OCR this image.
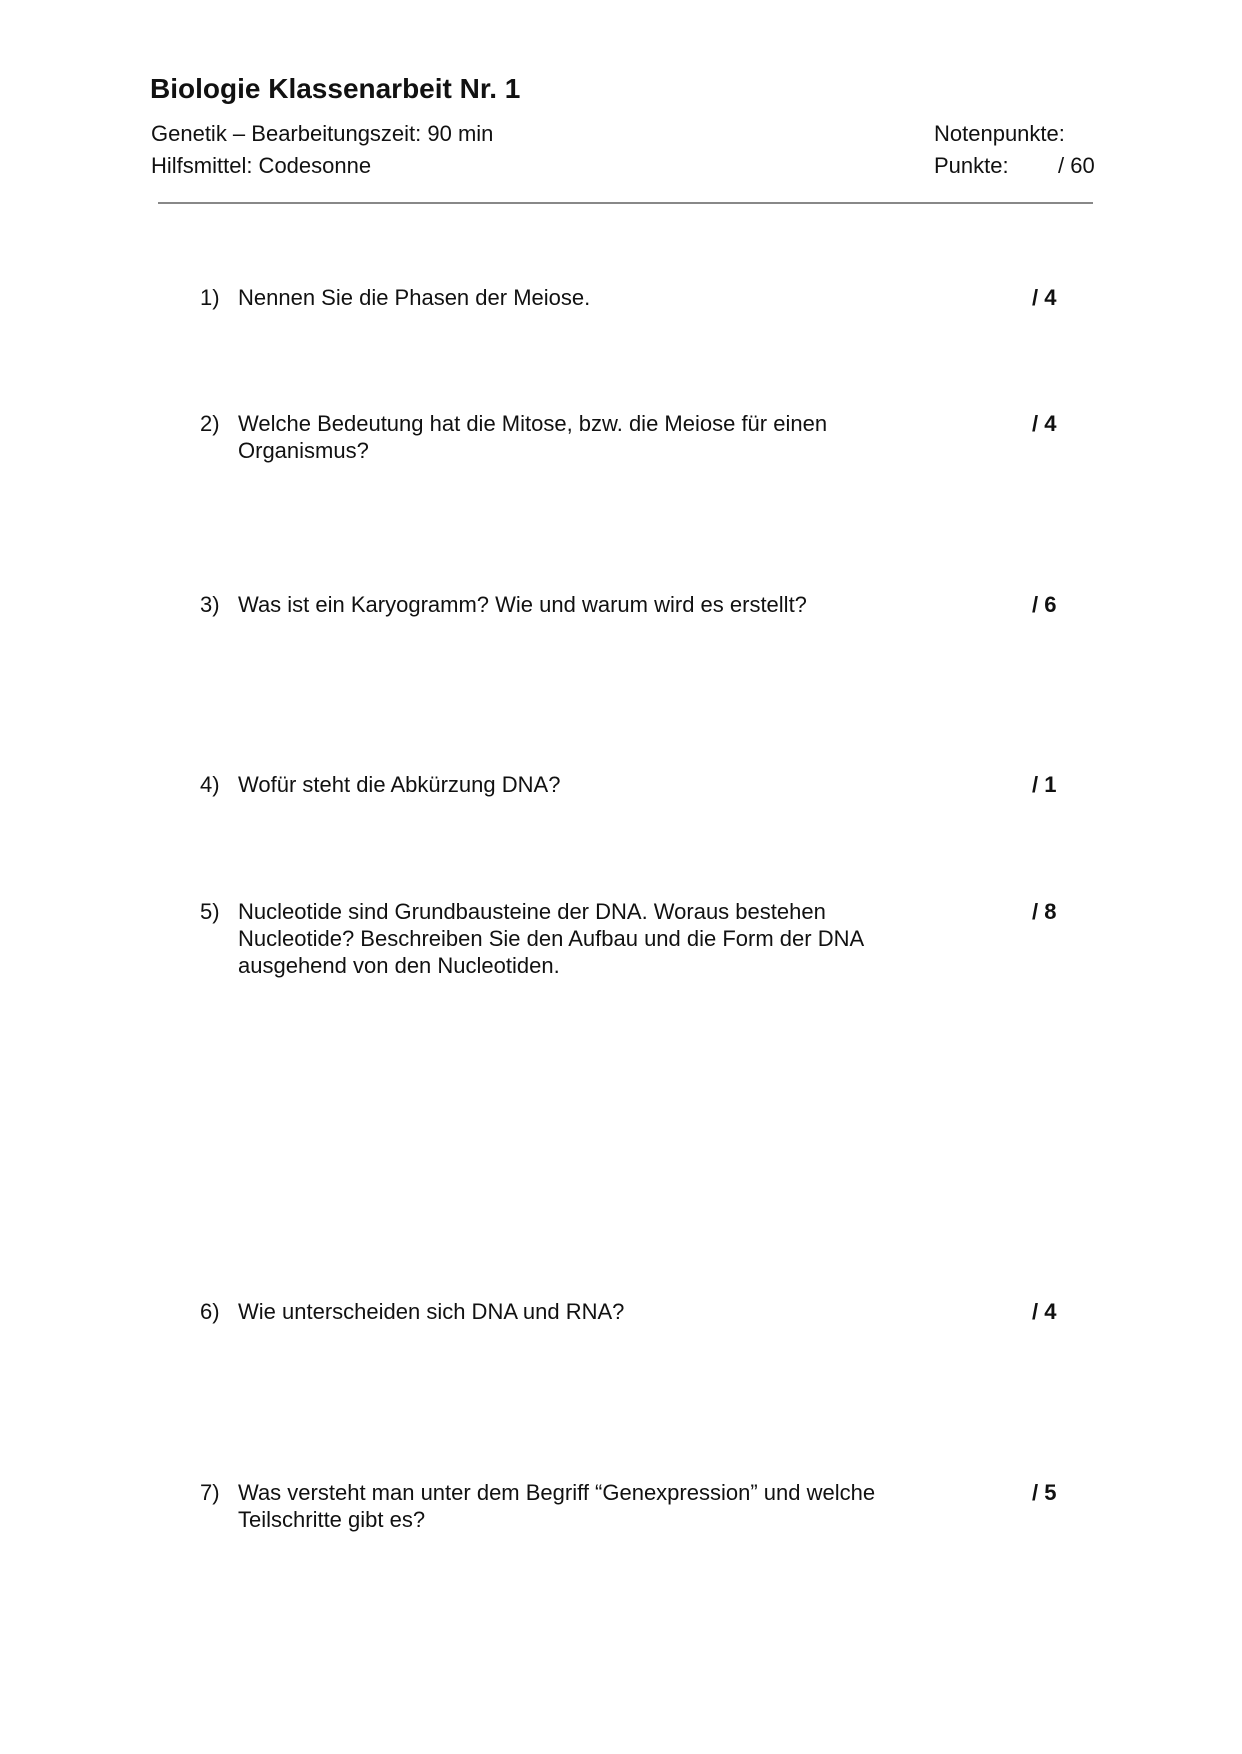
Biologie Klassenarbeit Nr. 1
Genetik – Bearbeitungszeit: 90 min
Hilfsmittel: Codesonne
Notenpunkte:
Punkte: / 60
1) Nennen Sie die Phasen der Meiose.	/ 4
2) Welche Bedeutung hat die Mitose, bzw. die Meiose für einen Organismus?
/ 4
3) Was ist ein Karyogramm? Wie und warum wird es erstellt?	/ 6
4) Wofür steht die Abkürzung DNA?	/ 1
5) Nucleotide sind Grundbausteine der DNA. Woraus bestehen Nucleotide? Beschreiben Sie den Aufbau und die Form der DNA ausgehend von den Nucleotiden.
/ 8
6) Wie unterscheiden sich DNA und RNA?	/ 4
7) Was versteht man unter dem Begriff “Genexpression” und welche Teilschritte gibt es?
/ 5
